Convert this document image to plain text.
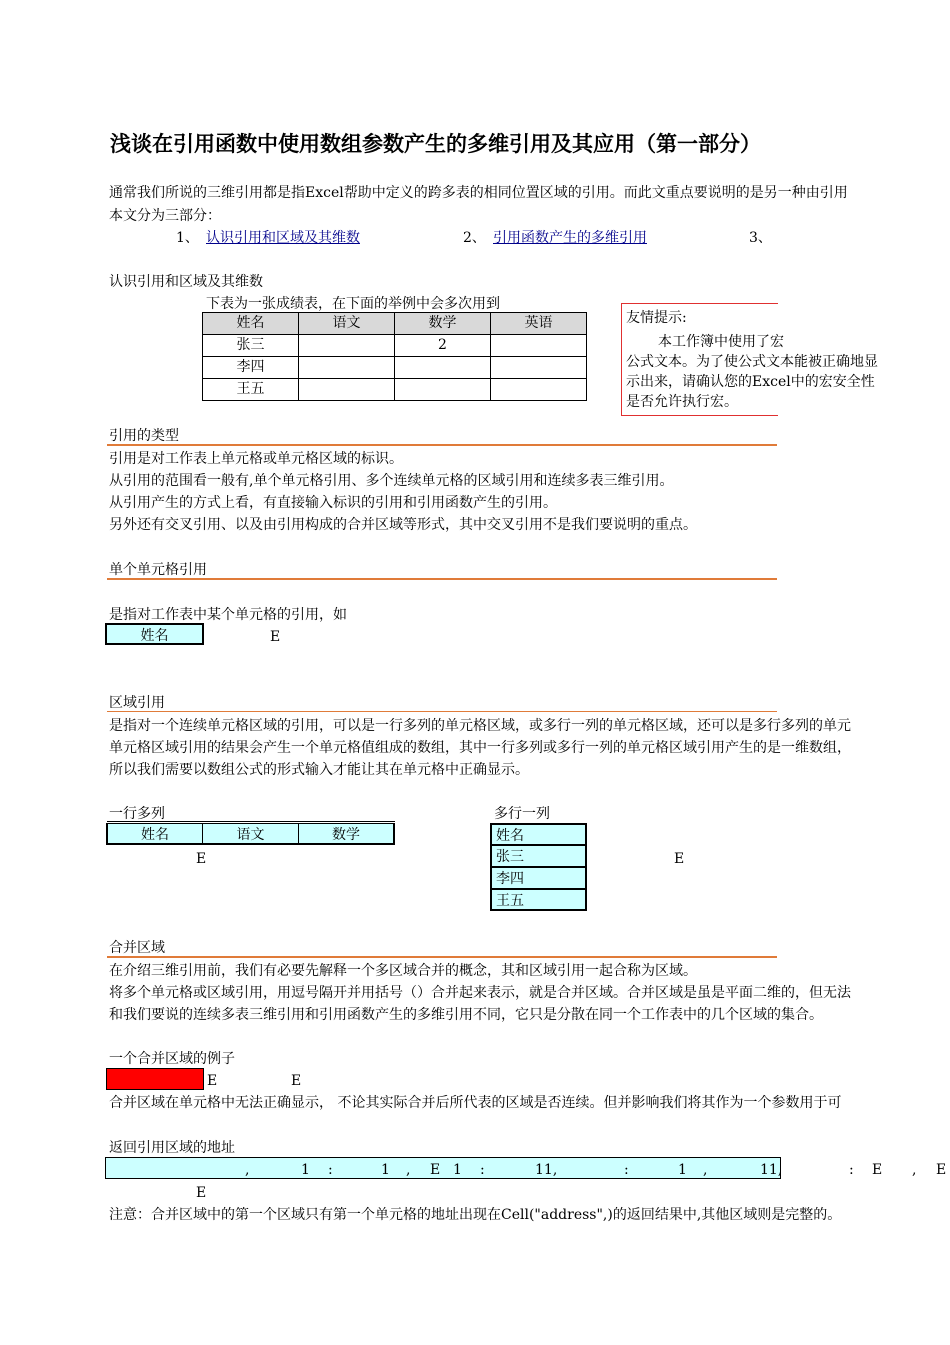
浅谈在引用函数中使用数组参数产生的多维引用及其应用（第一部分）
通常我们所说的三维引用都是指Excel帮助中定义的跨多表的相同位置区域的引用。而此文重点要说明的是另一种由引用
本文分为三部分：
1、 认识引用和区域及其维数	2、 引用函数产生的多维引用	3、
认识引用和区域及其维数
下表为一张成绩表，在下面的举例中会多次用到
姓名	语文	数学	英语
张三		2	
李四			
王五			
友情提示:
本工作簿中使用了宏
公式文本。为了使公式文本能被正确地显
示出来，请确认您的Excel中的宏安全性
是否允许执行宏。
引用的类型
引用是对工作表上单元格或单元格区域的标识。
从引用的范围看一般有,单个单元格引用、多个连续单元格的区域引用和连续多表三维引用。
从引用产生的方式上看，有直接输入标识的引用和引用函数产生的引用。
另外还有交叉引用、以及由引用构成的合并区域等形式，其中交叉引用不是我们要说明的重点。
单个单元格引用
是指对工作表中某个单元格的引用，如
姓名	E
区域引用
是指对一个连续单元格区域的引用，可以是一行多列的单元格区域，或多行一列的单元格区域，还可以是多行多列的单元
单元格区域引用的结果会产生一个单元格值组成的数组，其中一行多列或多行一列的单元格区域引用产生的是一维数组，
所以我们需要以数组公式的形式输入才能让其在单元格中正确显示。
一行多列
姓名	语文	数学
E
多行一列
姓名
张三
李四
王五
E
合并区域
在介绍三维引用前，我们有必要先解释一个多区域合并的概念，其和区域引用一起合称为区域。
将多个单元格或区域引用，用逗号隔开并用括号（）合并起来表示，就是合并区域。合并区域是虽是平面二维的，但无法
和我们要说的连续多表三维引用和引用函数产生的多维引用不同，它只是分散在同一个工作表中的几个区域的集合。
一个合并区域的例子
E	E
合并区域在单元格中无法正确显示， 不论其实际合并后所代表的区域是否连续。但并影响我们将其作为一个参数用于可
返回引用区域的地址
,	1 :	1 , E 1 :	11,	:	1 ,	11,	: E , E
E
注意：合并区域中的第一个区域只有第一个单元格的地址出现在Cell("address",)的返回结果中,其他区域则是完整的。
